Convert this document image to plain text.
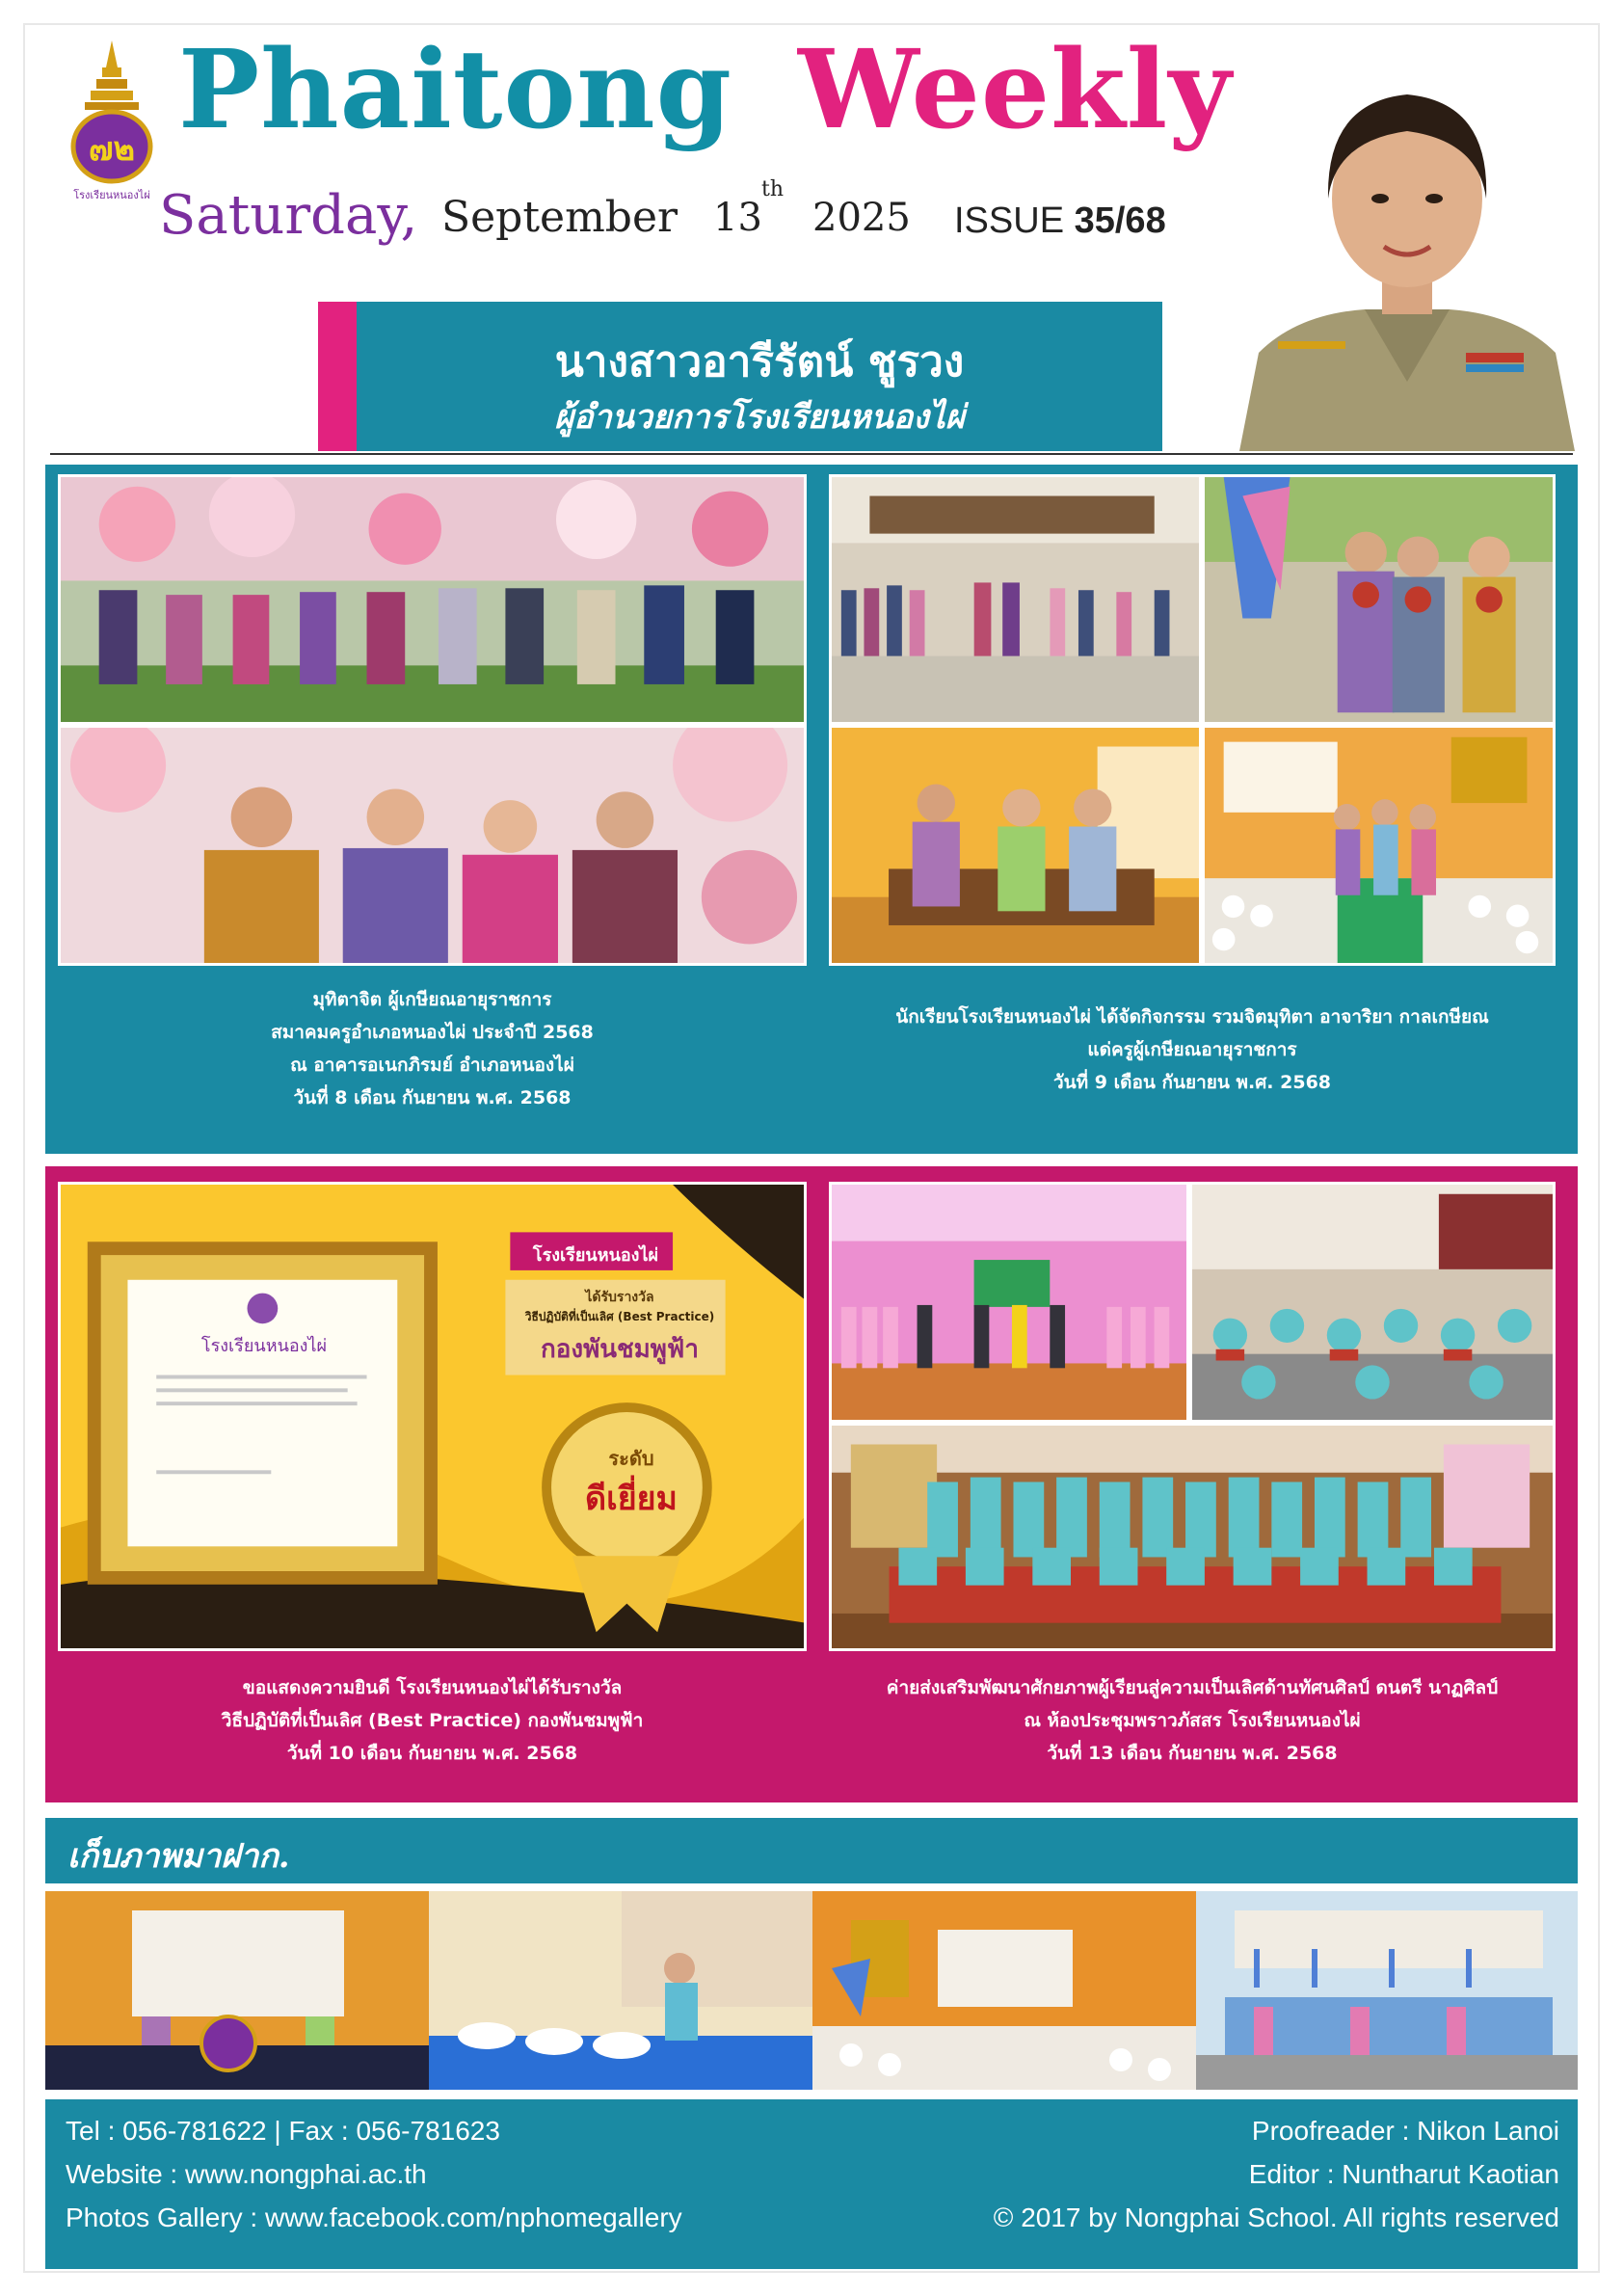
๗๒
โรงเรียนหนองไผ่
Phaitong Weekly
Saturday, September 13
th
2025 ISSUE 35/68
นางสาวอารีรัตน์ ชูรวง
ผู้อำนวยการโรงเรียนหนองไผ่
มุทิตาจิต ผู้เกษียณอายุราชการ
สมาคมครูอำเภอหนองไผ่ ประจำปี 2568
ณ อาคารอเนกภิรมย์ อำเภอหนองไผ่
วันที่ 8 เดือน กันยายน พ.ศ. 2568
นักเรียนโรงเรียนหนองไผ่ ได้จัดกิจกรรม รวมจิตมุทิตา อาจาริยา กาลเกษียณ
แด่ครูผู้เกษียณอายุราชการ
วันที่ 9 เดือน กันยายน พ.ศ. 2568
โรงเรียนหนองไผ่
โรงเรียนหนองไผ่
ได้รับรางวัล
วิธีปฏิบัติที่เป็นเลิศ (Best Practice)
กองพันชมพูฟ้า
ระดับ
ดีเยี่ยม
ขอแสดงความยินดี โรงเรียนหนองไผ่ได้รับรางวัล
วิธีปฏิบัติที่เป็นเลิศ (Best Practice) กองพันชมพูฟ้า
วันที่ 10 เดือน กันยายน พ.ศ. 2568
ค่ายส่งเสริมพัฒนาศักยภาพผู้เรียนสู่ความเป็นเลิศด้านทัศนศิลป์ ดนตรี นาฏศิลป์
ณ ห้องประชุมพราวภัสสร โรงเรียนหนองไผ่
วันที่ 13 เดือน กันยายน พ.ศ. 2568
เก็บภาพมาฝาก.
Tel : 056-781622 | Fax : 056-781623
Website : www.nongphai.ac.th
Photos Gallery : www.facebook.com/nphomegallery
Proofreader : Nikon Lanoi
Editor : Nuntharut Kaotian
© 2017 by Nongphai School. All rights reserved
